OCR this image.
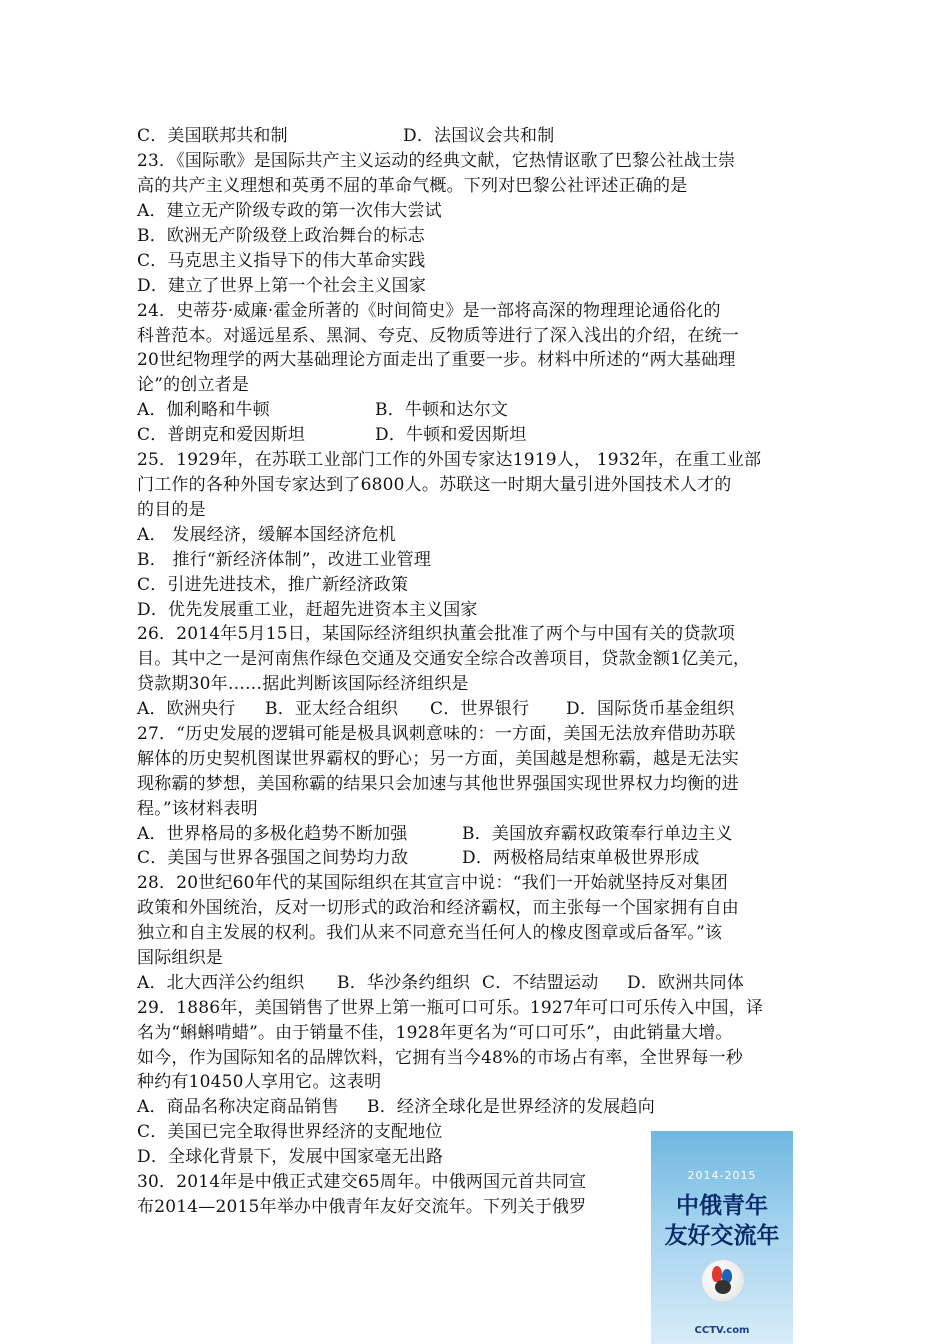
C．美国联邦共和制	D．法国议会共和制
23．《国际歌》是国际共产主义运动的经典文献，它热情讴歌了巴黎公社战士崇
高的共产主义理想和英勇不屈的革命气概。下列对巴黎公社评述正确的是
A．建立无产阶级专政的第一次伟大尝试
B．欧洲无产阶级登上政治舞台的标志
C．马克思主义指导下的伟大革命实践
D．建立了世界上第一个社会主义国家
24．史蒂芬·威廉·霍金所著的《时间简史》是一部将高深的物理理论通俗化的
科普范本。对遥远星系、黑洞、夸克、反物质等进行了深入浅出的介绍，在统一
20世纪物理学的两大基础理论方面走出了重要一步。材料中所述的“两大基础理
论”的创立者是
A．伽利略和牛顿	B．牛顿和达尔文
C．普朗克和爱因斯坦	D．牛顿和爱因斯坦
25．1929年，在苏联工业部门工作的外国专家达1919人， 1932年，在重工业部
门工作的各种外国专家达到了6800人。苏联这一时期大量引进外国技术人才的
的目的是
A． 发展经济，缓解本国经济危机
B． 推行“新经济体制”，改进工业管理
C．引进先进技术，推广新经济政策
D．优先发展重工业，赶超先进资本主义国家
26．2014年5月15日，某国际经济组织执董会批准了两个与中国有关的贷款项
目。其中之一是河南焦作绿色交通及交通安全综合改善项目，贷款金额1亿美元，
贷款期30年……据此判断该国际经济组织是
A．欧洲央行 B．亚太经合组织 C．世界银行 D．国际货币基金组织
27．“历史发展的逻辑可能是极具讽刺意味的：一方面，美国无法放弃借助苏联
解体的历史契机图谋世界霸权的野心；另一方面，美国越是想称霸，越是无法实
现称霸的梦想，美国称霸的结果只会加速与其他世界强国实现世界权力均衡的进
程。”该材料表明
A．世界格局的多极化趋势不断加强	B．美国放弃霸权政策奉行单边主义
C．美国与世界各强国之间势均力敌	D．两极格局结束单极世界形成
28．20世纪60年代的某国际组织在其宣言中说：“我们一开始就坚持反对集团
政策和外国统治，反对一切形式的政治和经济霸权，而主张每一个国家拥有自由
独立和自主发展的权利。我们从来不同意充当任何人的橡皮图章或后备军。”该
国际组织是
A．北大西洋公约组织 B．华沙条约组织 C．不结盟运动 D．欧洲共同体
29．1886年，美国销售了世界上第一瓶可口可乐。1927年可口可乐传入中国，译
名为“蝌蝌啃蜡”。由于销量不佳，1928年更名为“可口可乐”，由此销量大增。
如今，作为国际知名的品牌饮料，它拥有当今48%的市场占有率，全世界每一秒
种约有10450人享用它。这表明
A．商品名称决定商品销售 B．经济全球化是世界经济的发展趋向
C．美国已完全取得世界经济的支配地位
D．全球化背景下，发展中国家毫无出路
30．2014年是中俄正式建交65周年。中俄两国元首共同宣
布2014—2015年举办中俄青年友好交流年。下列关于俄罗
2014-2015
中俄青年
友好交流年
CCTV.com
